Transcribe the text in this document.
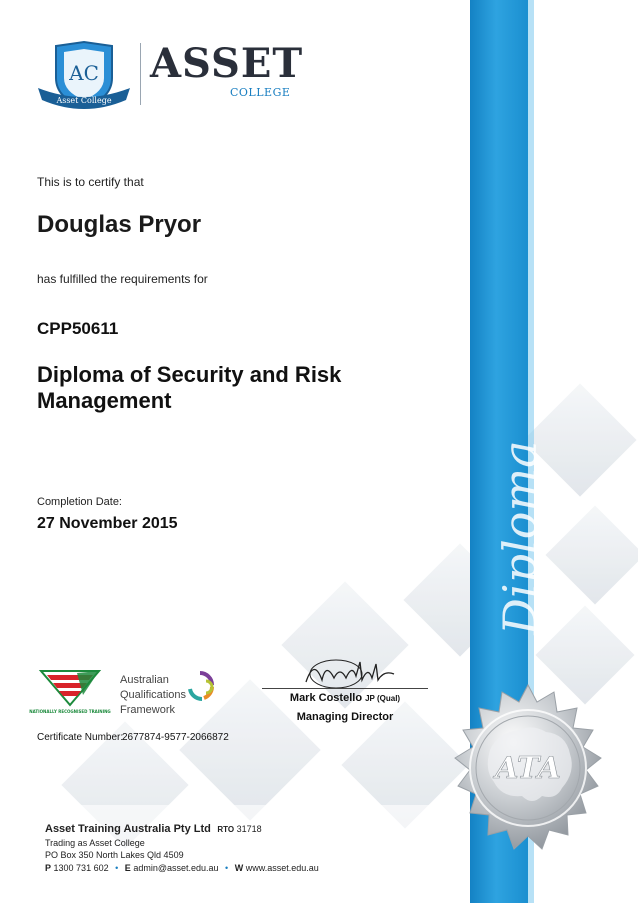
Diploma
AC
Asset College
ASSET
COLLEGE

This is to certify that

Douglas Pryor

has fulfilled the requirements for

CPP50611

Diploma of Security and Risk Management

Completion Date:

27 November 2015

NATIONALLY RECOGNISED TRAINING
Australian
Qualifications
Framework

Mark Costello JP (Qual)

Managing Director

Certificate Number:

2677874-9577-2066872

ATA
Asset Training Australia Pty Ltd RTO 31718
Trading as Asset College
PO Box 350 North Lakes Qld 4509
P 1300 731 602 • E admin@asset.edu.au • W www.asset.edu.au
